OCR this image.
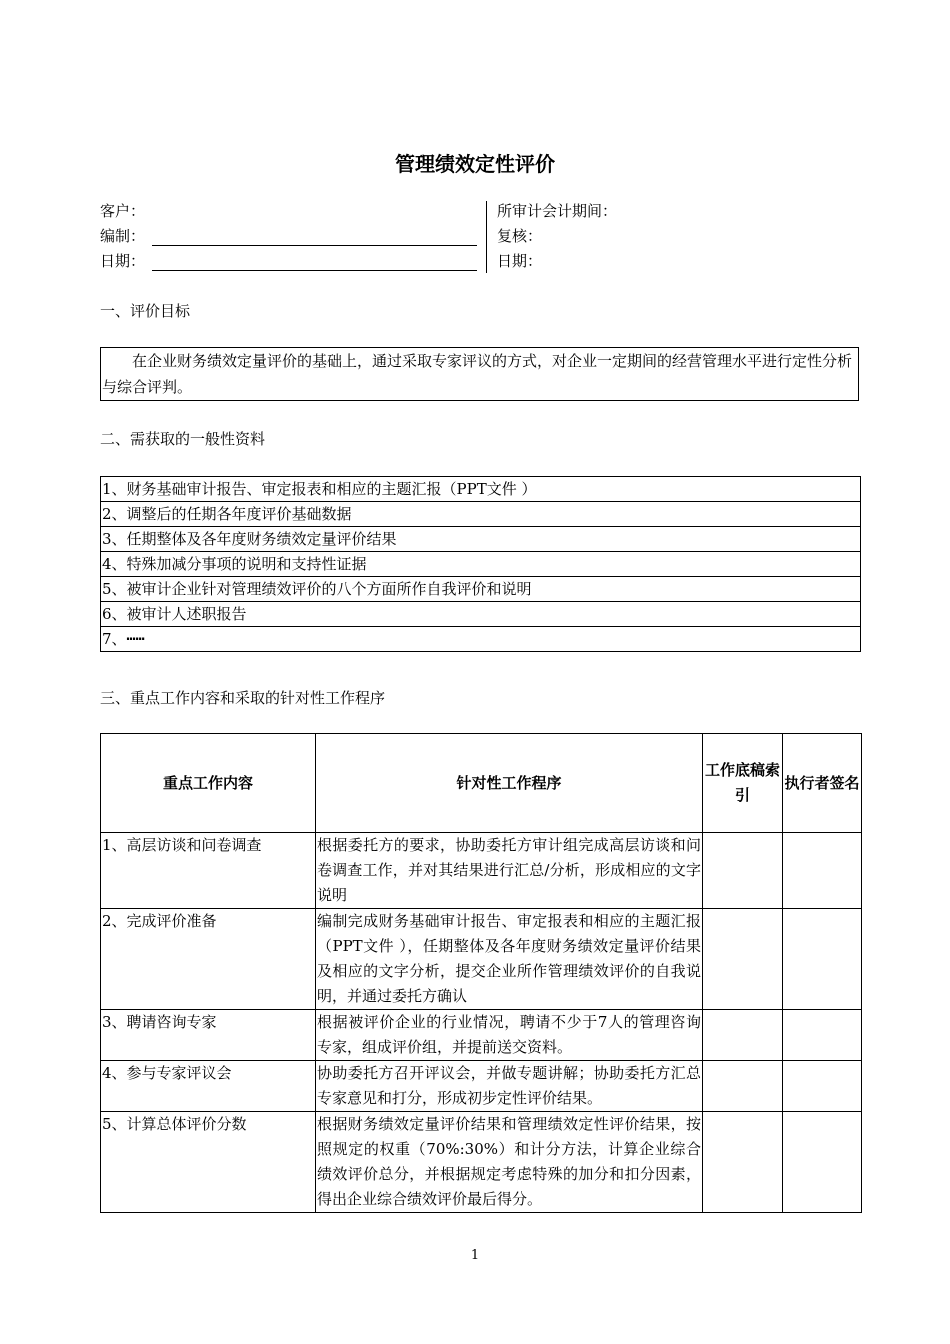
管理绩效定性评价
客户：
编制：
日期：
所审计会计期间：
复核：
日期：
一、评价目标

在企业财务绩效定量评价的基础上，通过采取专家评议的方式，对企业一定期间的经营管理水平进行定性分析与综合评判。

二、需获取的一般性资料
1、财务基础审计报告、审定报表和相应的主题汇报（PPT文件 ）
2、调整后的任期各年度评价基础数据
3、任期整体及各年度财务绩效定量评价结果
4、特殊加减分事项的说明和支持性证据
5、被审计企业针对管理绩效评价的八个方面所作自我评价和说明
6、被审计人述职报告
7、┅┅
三、重点工作内容和采取的针对性工作程序
重点工作内容	针对性工作程序	工作底稿索引	执行者签名
1、高层访谈和问卷调查	根据委托方的要求，协助委托方审计组完成高层访谈和问卷调查工作，并对其结果进行汇总/分析，形成相应的文字说明		
2、完成评价准备	编制完成财务基础审计报告、审定报表和相应的主题汇报（PPT文件 ），任期整体及各年度财务绩效定量评价结果及相应的文字分析，提交企业所作管理绩效评价的自我说明，并通过委托方确认		
3、聘请咨询专家	根据被评价企业的行业情况，聘请不少于7人的管理咨询专家，组成评价组，并提前送交资料。		
4、参与专家评议会	协助委托方召开评议会，并做专题讲解；协助委托方汇总专家意见和打分，形成初步定性评价结果。		
5、计算总体评价分数	根据财务绩效定量评价结果和管理绩效定性评价结果，按照规定的权重（70%:30%）和计分方法，计算企业综合绩效评价总分，并根据规定考虑特殊的加分和扣分因素，得出企业综合绩效评价最后得分。		
1
